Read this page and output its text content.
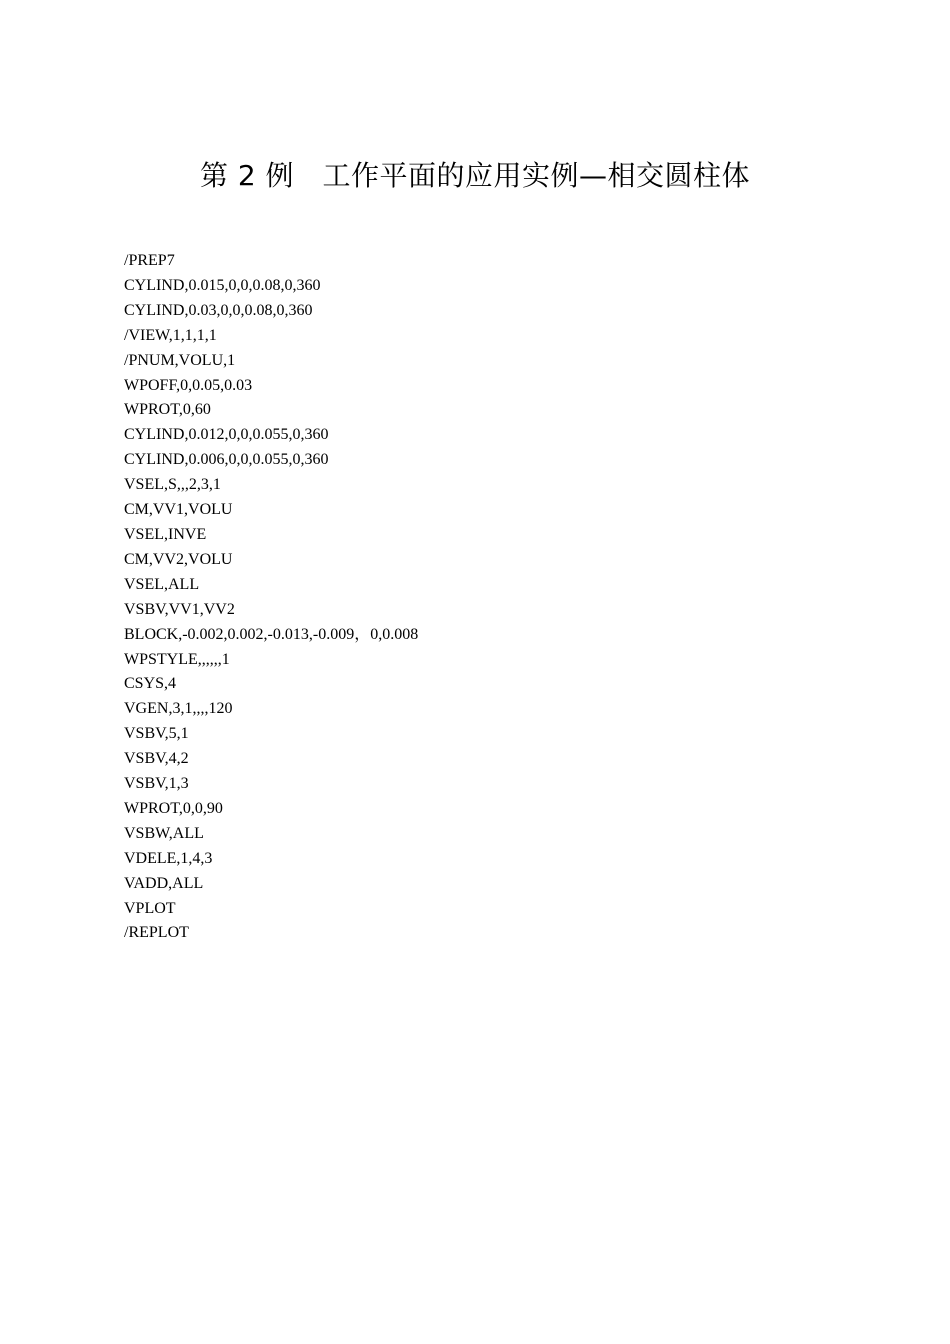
第 2 例　工作平面的应用实例—相交圆柱体
/PREP7
CYLIND,0.015,0,0,0.08,0,360
CYLIND,0.03,0,0,0.08,0,360
/VIEW,1,1,1,1
/PNUM,VOLU,1
WPOFF,0,0.05,0.03
WPROT,0,60
CYLIND,0.012,0,0,0.055,0,360
CYLIND,0.006,0,0,0.055,0,360
VSEL,S,,,2,3,1
CM,VV1,VOLU
VSEL,INVE
CM,VV2,VOLU
VSEL,ALL
VSBV,VV1,VV2
BLOCK,-0.002,0.002,-0.013,-0.009，0,0.008
WPSTYLE,,,,,,1
CSYS,4
VGEN,3,1,,,,120
VSBV,5,1
VSBV,4,2
VSBV,1,3
WPROT,0,0,90
VSBW,ALL
VDELE,1,4,3
VADD,ALL
VPLOT
/REPLOT
